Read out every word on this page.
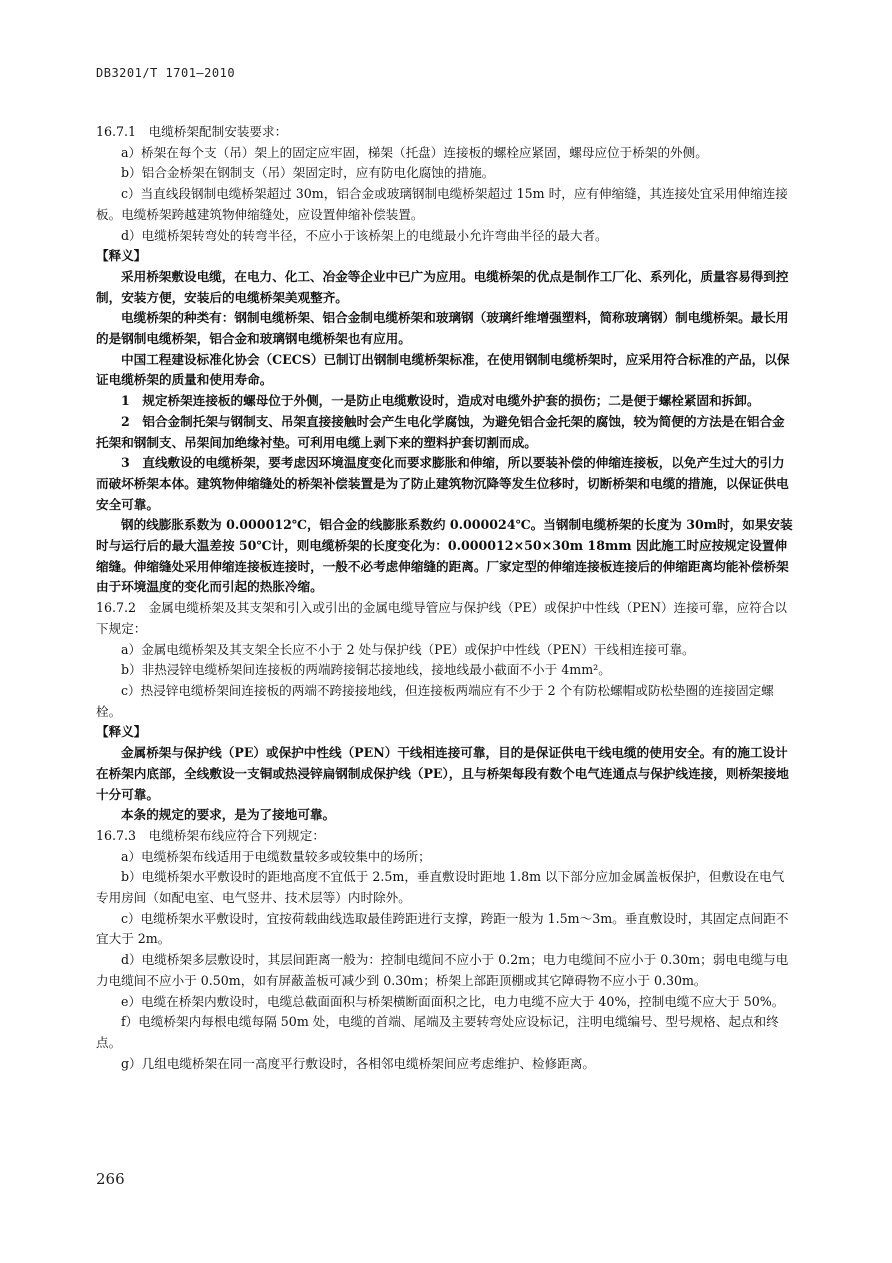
DB3201/T 1701—2010

16.7.1　电缆桥架配制安装要求：

a）桥架在每个支（吊）架上的固定应牢固，梯架（托盘）连接板的螺栓应紧固，螺母应位于桥架的外侧。

b）铝合金桥架在钢制支（吊）架固定时，应有防电化腐蚀的措施。

c）当直线段钢制电缆桥架超过 30m，铝合金或玻璃钢制电缆桥架超过 15m 时，应有伸缩缝，其连接处宜采用伸缩连接板。电缆桥架跨越建筑物伸缩缝处，应设置伸缩补偿装置。

d）电缆桥架转弯处的转弯半径，不应小于该桥架上的电缆最小允许弯曲半径的最大者。

【释义】

采用桥架敷设电缆，在电力、化工、冶金等企业中已广为应用。电缆桥架的优点是制作工厂化、系列化，质量容易得到控制，安装方便，安装后的电缆桥架美观整齐。

电缆桥架的种类有：钢制电缆桥架、铝合金制电缆桥架和玻璃钢（玻璃纤维增强塑料，简称玻璃钢）制电缆桥架。最长用的是钢制电缆桥架，铝合金和玻璃钢电缆桥架也有应用。

中国工程建设标准化协会（CECS）已制订出钢制电缆桥架标准，在使用钢制电缆桥架时，应采用符合标准的产品，以保证电缆桥架的质量和使用寿命。

1　规定桥架连接板的螺母位于外侧，一是防止电缆敷设时，造成对电缆外护套的损伤；二是便于螺栓紧固和拆卸。

2　铝合金制托架与钢制支、吊架直接接触时会产生电化学腐蚀，为避免铝合金托架的腐蚀，较为简便的方法是在铝合金托架和钢制支、吊架间加绝缘衬垫。可利用电缆上剥下来的塑料护套切割而成。

3　直线敷设的电缆桥架，要考虑因环境温度变化而要求膨胀和伸缩，所以要装补偿的伸缩连接板，以免产生过大的引力而破坏桥架本体。建筑物伸缩缝处的桥架补偿装置是为了防止建筑物沉降等发生位移时，切断桥架和电缆的措施，以保证供电安全可靠。

钢的线膨胀系数为 0.000012℃，铝合金的线膨胀系数约 0.000024℃。当钢制电缆桥架的长度为 30m时，如果安装时与运行后的最大温差按 50℃计，则电缆桥架的长度变化为：0.000012×50×30m 18mm 因此施工时应按规定设置伸缩缝。伸缩缝处采用伸缩连接板连接时，一般不必考虑伸缩缝的距离。厂家定型的伸缩连接板连接后的伸缩距离均能补偿桥架由于环境温度的变化而引起的热胀冷缩。

16.7.2　金属电缆桥架及其支架和引入或引出的金属电缆导管应与保护线（PE）或保护中性线（PEN）连接可靠，应符合以下规定：

a）金属电缆桥架及其支架全长应不小于 2 处与保护线（PE）或保护中性线（PEN）干线相连接可靠。

b）非热浸锌电缆桥架间连接板的两端跨接铜芯接地线，接地线最小截面不小于 4mm²。

c）热浸锌电缆桥架间连接板的两端不跨接接地线，但连接板两端应有不少于 2 个有防松螺帽或防松垫圈的连接固定螺栓。

【释义】

金属桥架与保护线（PE）或保护中性线（PEN）干线相连接可靠，目的是保证供电干线电缆的使用安全。有的施工设计在桥架内底部，全线敷设一支铜或热浸锌扁钢制成保护线（PE），且与桥架每段有数个电气连通点与保护线连接，则桥架接地十分可靠。

本条的规定的要求，是为了接地可靠。

16.7.3　电缆桥架布线应符合下列规定：

a）电缆桥架布线适用于电缆数量较多或较集中的场所；

b）电缆桥架水平敷设时的距地高度不宜低于 2.5m，垂直敷设时距地 1.8m 以下部分应加金属盖板保护，但敷设在电气专用房间（如配电室、电气竖井、技术层等）内时除外。

c）电缆桥架水平敷设时，宜按荷载曲线选取最佳跨距进行支撑，跨距一般为 1.5m～3m。垂直敷设时，其固定点间距不宜大于 2m。

d）电缆桥架多层敷设时，其层间距离一般为：控制电缆间不应小于 0.2m；电力电缆间不应小于 0.30m；弱电电缆与电力电缆间不应小于 0.50m，如有屏蔽盖板可减少到 0.30m；桥架上部距顶棚或其它障碍物不应小于 0.30m。

e）电缆在桥架内敷设时，电缆总截面面积与桥架横断面面积之比，电力电缆不应大于 40%，控制电缆不应大于 50%。

f）电缆桥架内每根电缆每隔 50m 处，电缆的首端、尾端及主要转弯处应设标记，注明电缆编号、型号规格、起点和终点。

g）几组电缆桥架在同一高度平行敷设时，各相邻电缆桥架间应考虑维护、检修距离。

266
